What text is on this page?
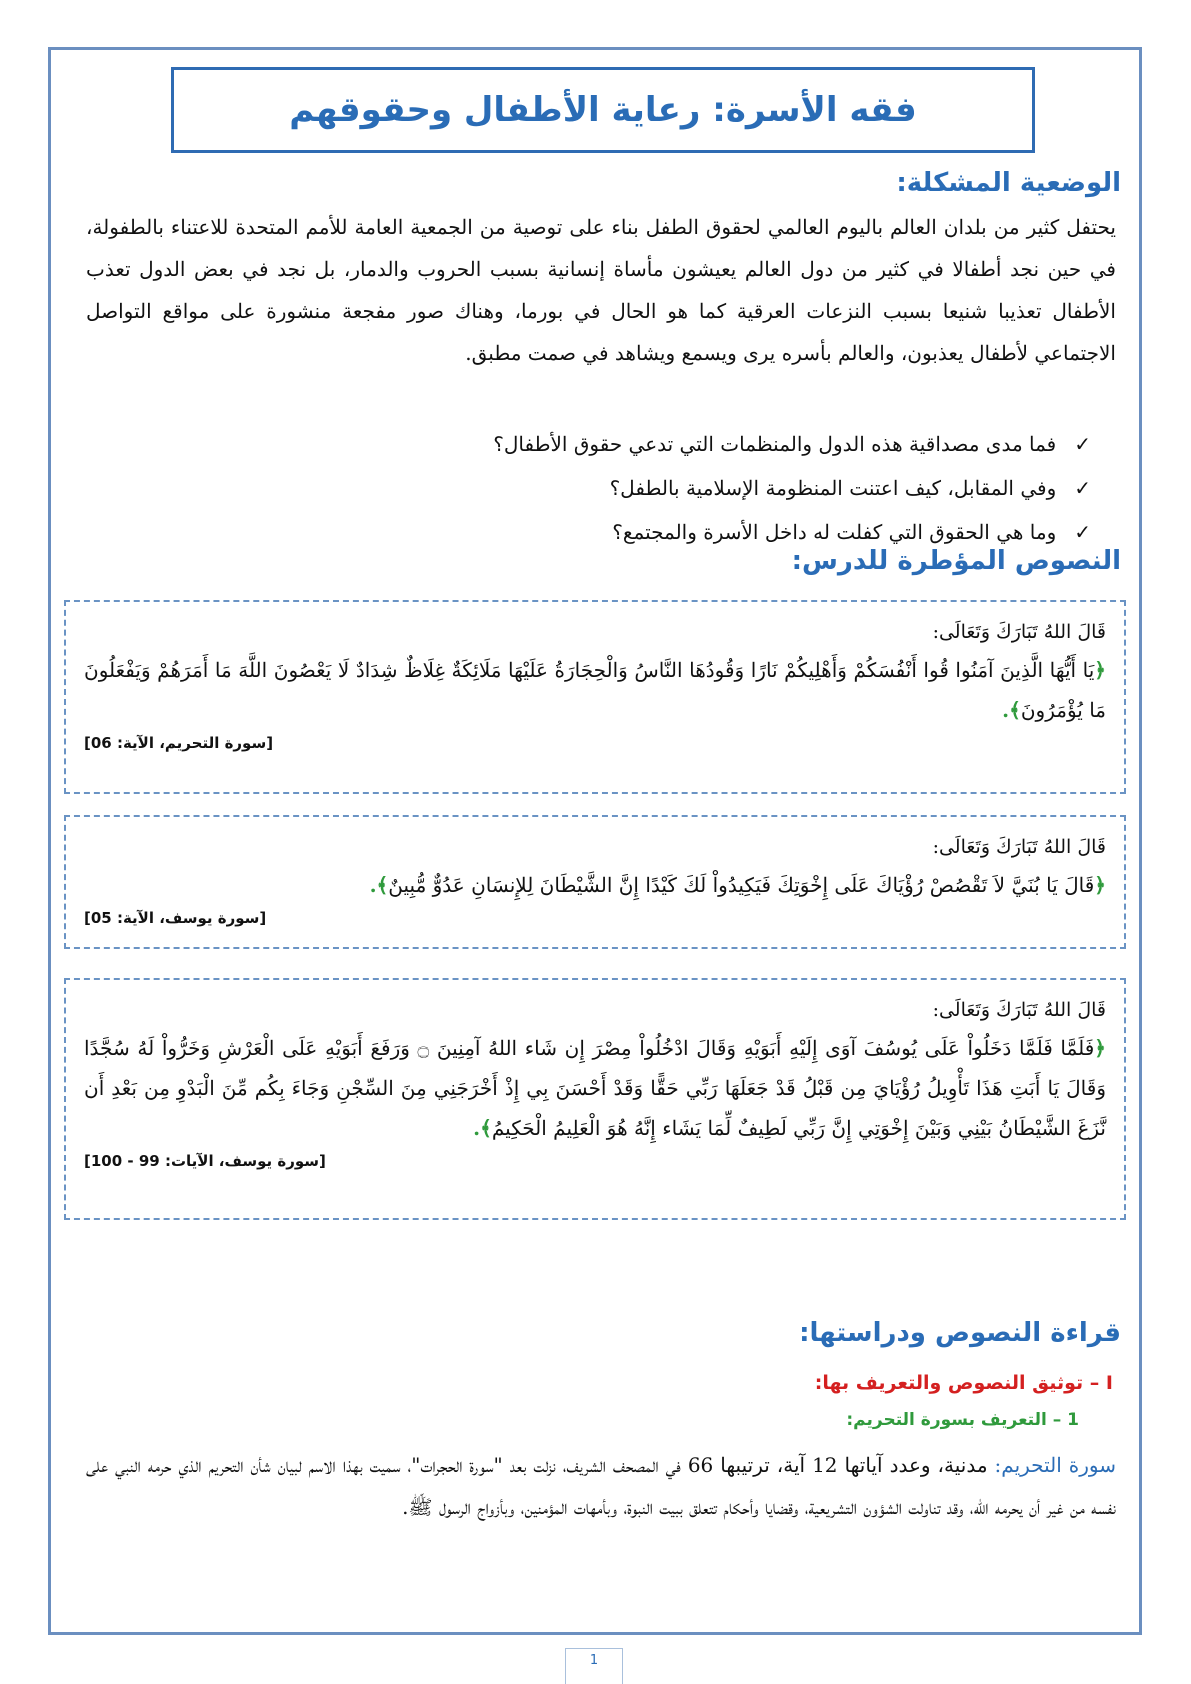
فقه الأسرة: رعاية الأطفال وحقوقهم
الوضعية المشكلة:

يحتفل كثير من بلدان العالم باليوم العالمي لحقوق الطفل بناء على توصية من الجمعية العامة للأمم المتحدة للاعتناء بالطفولة، في حين نجد أطفالا في كثير من دول العالم يعيشون مأساة إنسانية بسبب الحروب والدمار، بل نجد في بعض الدول تعذب الأطفال تعذيبا شنيعا بسبب النزعات العرقية كما هو الحال في بورما، وهناك صور مفجعة منشورة على مواقع التواصل الاجتماعي لأطفال يعذبون، والعالم بأسره يرى ويسمع ويشاهد في صمت مطبق.

✓
فما مدى مصداقية هذه الدول والمنظمات التي تدعي حقوق الأطفال؟
✓
وفي المقابل، كيف اعتنت المنظومة الإسلامية بالطفل؟
✓
وما هي الحقوق التي كفلت له داخل الأسرة والمجتمع؟
النصوص المؤطرة للدرس:

قَالَ اللهُ تَبَارَكَ وَتَعَالَى:

﴿يَا أَيُّهَا الَّذِينَ آمَنُوا قُوا أَنْفُسَكُمْ وَأَهْلِيكُمْ نَارًا وَقُودُهَا النَّاسُ وَالْحِجَارَةُ عَلَيْهَا مَلَائِكَةٌ غِلَاظٌ شِدَادٌ لَا يَعْصُونَ اللَّهَ مَا أَمَرَهُمْ وَيَفْعَلُونَ مَا يُؤْمَرُونَ﴾.

[سورة التحريم، الآية: 06]

قَالَ اللهُ تَبَارَكَ وَتَعَالَى:

﴿قَالَ يَا بُنَيَّ لاَ تَقْصُصْ رُؤْيَاكَ عَلَى إِخْوَتِكَ فَيَكِيدُواْ لَكَ كَيْدًا إِنَّ الشَّيْطَانَ لِلإِنسَانِ عَدُوٌّ مُّبِينٌ﴾.

[سورة يوسف، الآية: 05]

قَالَ اللهُ تَبَارَكَ وَتَعَالَى:

﴿فَلَمَّا فَلَمَّا دَخَلُواْ عَلَى يُوسُفَ آوَى إِلَيْهِ أَبَوَيْهِ وَقَالَ ادْخُلُواْ مِصْرَ إِن شَاء اللهُ آمِنِينَ ۝ وَرَفَعَ أَبَوَيْهِ عَلَى الْعَرْشِ وَخَرُّواْ لَهُ سُجَّدًا وَقَالَ يَا أَبَتِ هَذَا تَأْوِيلُ رُؤْيَايَ مِن قَبْلُ قَدْ جَعَلَهَا رَبِّي حَقًّا وَقَدْ أَحْسَنَ بِي إِذْ أَخْرَجَنِي مِنَ السِّجْنِ وَجَاءَ بِكُم مِّنَ الْبَدْوِ مِن بَعْدِ أَن نَّزَغَ الشَّيْطَانُ بَيْنِي وَبَيْنَ إِخْوَتِي إِنَّ رَبِّي لَطِيفٌ لِّمَا يَشَاء إِنَّهُ هُوَ الْعَلِيمُ الْحَكِيمُ﴾.

[سورة يوسف، الآيات: 99 - 100]

قراءة النصوص ودراستها:
I – توثيق النصوص والتعريف بها:
1 – التعريف بسورة التحريم:

سورة التحريم: مدنية، وعدد آياتها 12 آية، ترتيبها 66 في المصحف الشريف، نزلت بعد "سورة الحجرات"، سميت بهذا الاسم لبيان شأن التحريم الذي حرمه النبي على نفسه من غير أن يحرمه الله، وقد تناولت الشؤون التشريعية، وقضايا وأحكام تتعلق ببيت النبوة، وبأمهات المؤمنين، وبأزواج الرسول ﷺ.

1
